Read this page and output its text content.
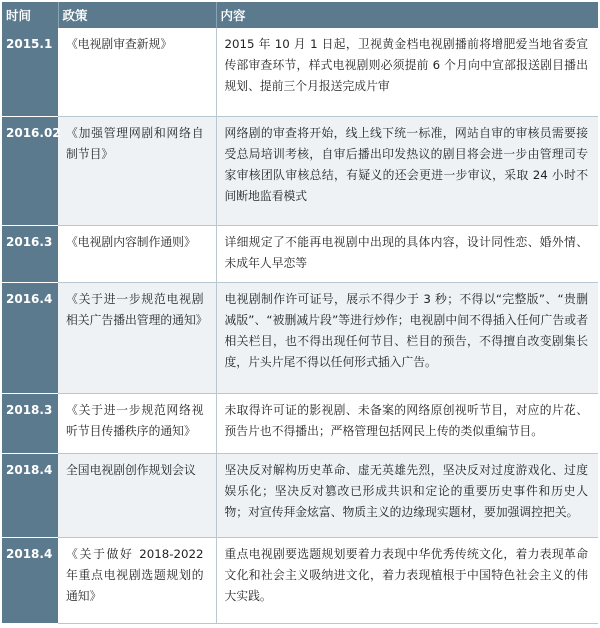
时间	政策	内容
2015.1	《电视剧审查新规》	2015 年 10 月 1 日起，卫视黄金档电视剧播前将增肥爱当地省委宣传部审查环节，样式电视剧则必须提前 6 个月向中宣部报送剧目播出规划、提前三个月报送完成片审
2016.02	《加强管理网剧和网络自制节目》	网络剧的审查将开始，线上线下统一标准，网站自审的审核员需要接受总局培训考核，自审后播出印发热议的剧目将会进一步由管理司专家审核团队审核总结，有疑义的还会更进一步审议，采取 24 小时不间断地监看模式
2016.3	《电视剧内容制作通则》	详细规定了不能再电视剧中出现的具体内容，设计同性恋、婚外情、未成年人早恋等
2016.4	《关于进一步规范电视剧相关广告播出管理的通知》	电视剧制作许可证号，展示不得少于 3 秒；不得以“完整版”、“贵删减版”、“被删减片段”等进行炒作；电视剧中间不得插入任何广告或者相关栏目，也不得出现任何节目、栏目的预告，不得擅自改变剧集长度，片头片尾不得以任何形式插入广告。
2018.3	《关于进一步规范网络视听节目传播秩序的通知》	未取得许可证的影视剧、未备案的网络原创视听节目，对应的片花、预告片也不得播出；严格管理包括网民上传的类似重编节目。
2018.4	全国电视剧创作规划会议	坚决反对解构历史革命、虚无英雄先烈，坚决反对过度游戏化、过度娱乐化；坚决反对篡改已形成共识和定论的重要历史事件和历史人物；对宣传拜金炫富、物质主义的边缘现实题材，要加强调控把关。
2018.4	《关于做好 2018-2022 年重点电视剧选题规划的通知》	重点电视剧要选题规划要着力表现中华优秀传统文化，着力表现革命文化和社会主义吸纳进文化，着力表现植根于中国特色社会主义的伟大实践。
